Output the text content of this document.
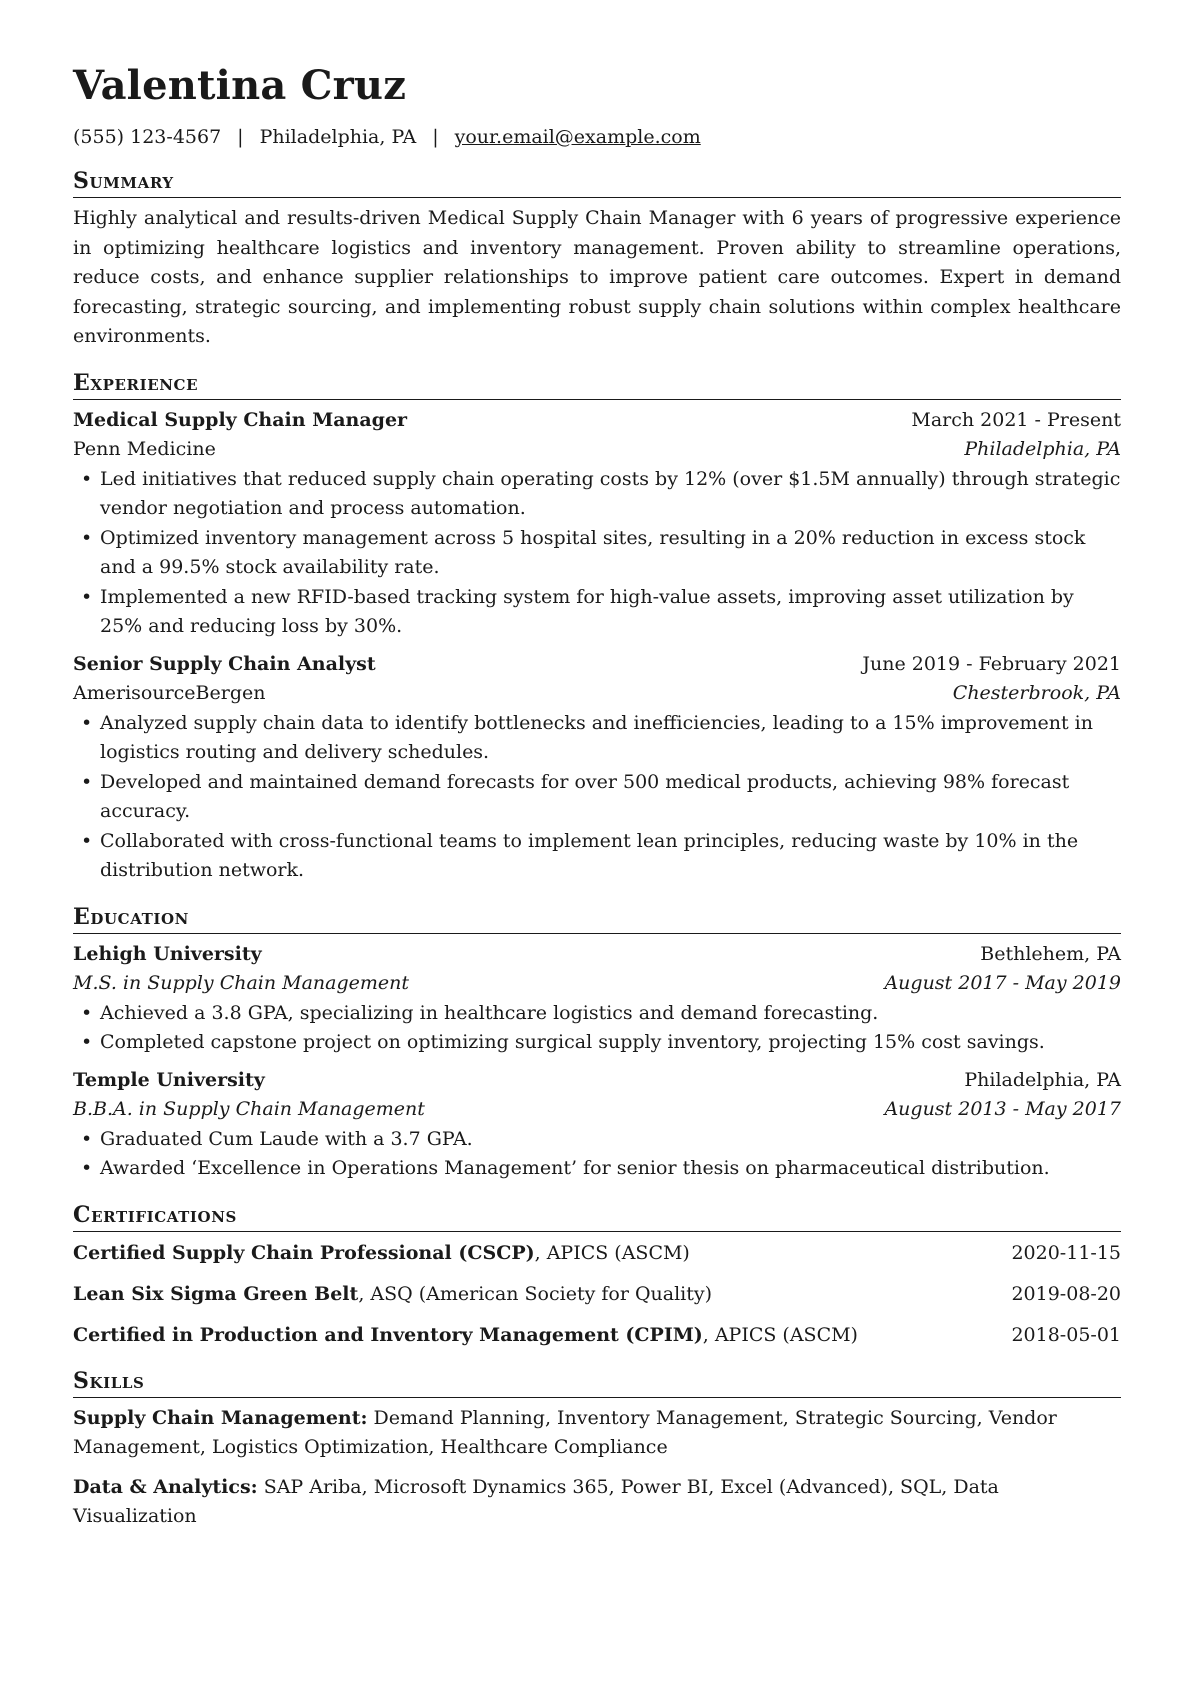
Valentina Cruz
(555) 123-4567 | Philadelphia, PA | your.email@example.com
Summary
Highly analytical and results-driven Medical Supply Chain Manager with 6 years of progressive experience in optimizing healthcare logistics and inventory management. Proven ability to streamline operations, reduce costs, and enhance supplier relationships to improve patient care outcomes. Expert in demand forecasting, strategic sourcing, and implementing robust supply chain solutions within complex healthcare environments.
Experience
Medical Supply Chain Manager	March 2021 - Present
Penn Medicine	Philadelphia, PA
• Led initiatives that reduced supply chain operating costs by 12% (over $1.5M annually) through strategic vendor negotiation and process automation.
• Optimized inventory management across 5 hospital sites, resulting in a 20% reduction in excess stock and a 99.5% stock availability rate.
• Implemented a new RFID-based tracking system for high-value assets, improving asset utilization by 25% and reducing loss by 30%.
Senior Supply Chain Analyst	June 2019 - February 2021
AmerisourceBergen	Chesterbrook, PA
• Analyzed supply chain data to identify bottlenecks and inefficiencies, leading to a 15% improvement in logistics routing and delivery schedules.
• Developed and maintained demand forecasts for over 500 medical products, achieving 98% forecast accuracy.
• Collaborated with cross-functional teams to implement lean principles, reducing waste by 10% in the distribution network.
Education
Lehigh University	Bethlehem, PA
M.S. in Supply Chain Management	August 2017 - May 2019
• Achieved a 3.8 GPA, specializing in healthcare logistics and demand forecasting.
• Completed capstone project on optimizing surgical supply inventory, projecting 15% cost savings.
Temple University	Philadelphia, PA
B.B.A. in Supply Chain Management	August 2013 - May 2017
• Graduated Cum Laude with a 3.7 GPA.
• Awarded ‘Excellence in Operations Management’ for senior thesis on pharmaceutical distribution.
Certifications
Certified Supply Chain Professional (CSCP), APICS (ASCM)	2020-11-15
Lean Six Sigma Green Belt, ASQ (American Society for Quality)	2019-08-20
Certified in Production and Inventory Management (CPIM), APICS (ASCM)	2018-05-01
Skills
Supply Chain Management: Demand Planning, Inventory Management, Strategic Sourcing, Vendor Management, Logistics Optimization, Healthcare Compliance
Data & Analytics: SAP Ariba, Microsoft Dynamics 365, Power BI, Excel (Advanced), SQL, Data Visualization
